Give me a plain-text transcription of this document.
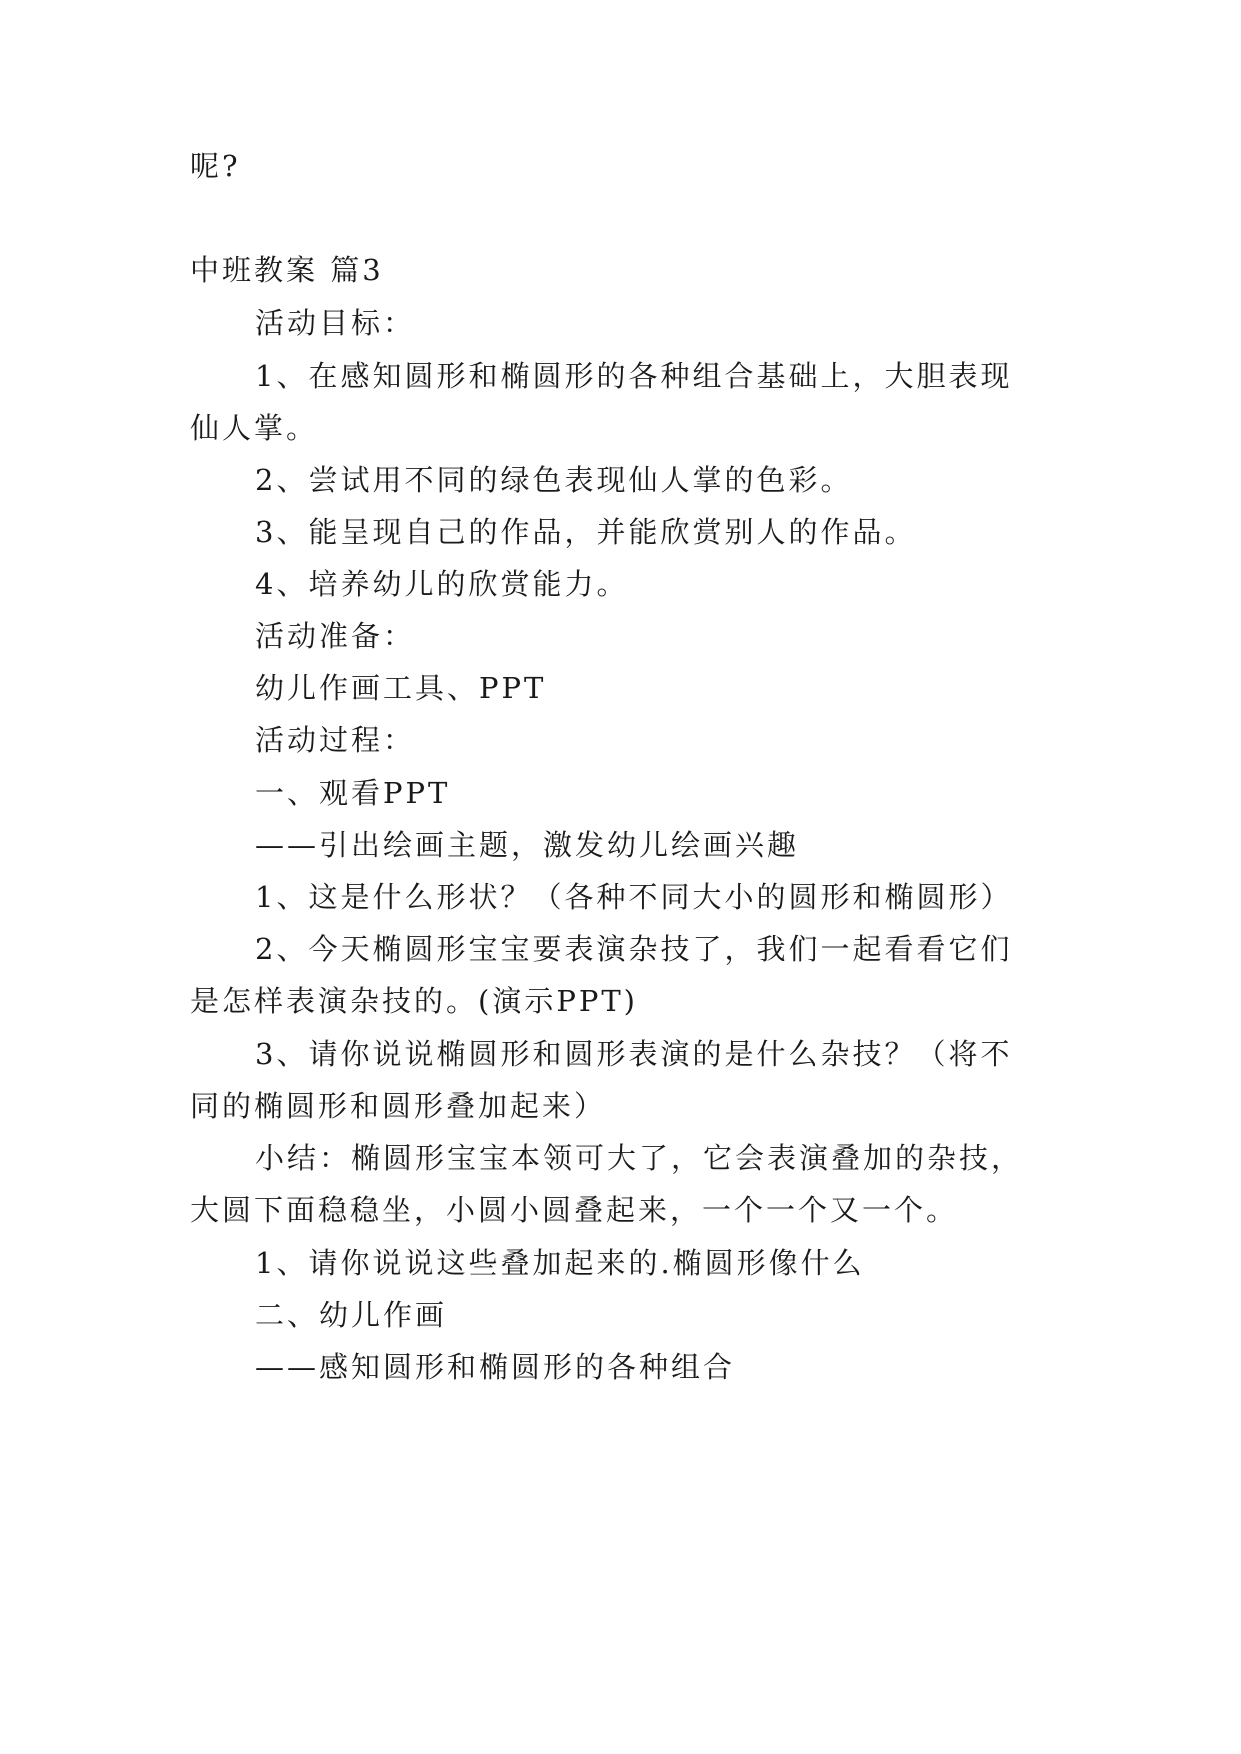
呢?
中班教案 篇3
活动目标：
1、在感知圆形和椭圆形的各种组合基础上，大胆表现
仙人掌。
2、尝试用不同的绿色表现仙人掌的色彩。
3、能呈现自己的作品，并能欣赏别人的作品。
4、培养幼儿的欣赏能力。
活动准备：
幼儿作画工具、PPT
活动过程：
一、观看PPT
——引出绘画主题，激发幼儿绘画兴趣
1、这是什么形状？（各种不同大小的圆形和椭圆形）
2、今天椭圆形宝宝要表演杂技了，我们一起看看它们
是怎样表演杂技的。(演示PPT)
3、请你说说椭圆形和圆形表演的是什么杂技？（将不
同的椭圆形和圆形叠加起来）
小结：椭圆形宝宝本领可大了，它会表演叠加的杂技，
大圆下面稳稳坐，小圆小圆叠起来，一个一个又一个。
1、请你说说这些叠加起来的.椭圆形像什么
二、幼儿作画
——感知圆形和椭圆形的各种组合
